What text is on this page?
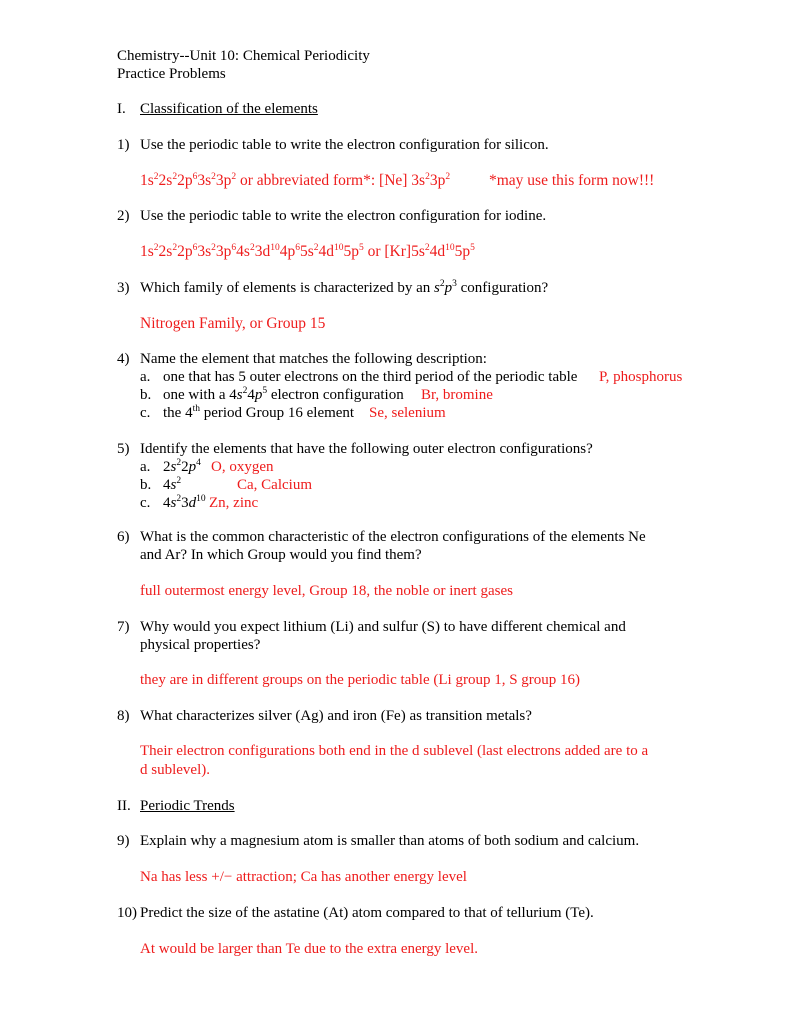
Chemistry--Unit 10: Chemical Periodicity
Practice Problems
I. Classification of the elements
1) Use the periodic table to write the electron configuration for silicon.
$1s^22s^22p^63s^23p^2$ or abbreviated form*: [Ne] $3s^23p^2$	*may use this form now!!!
2) Use the periodic table to write the electron configuration for iodine.
$1s^22s^22p^63s^23p^64s^23d^{10}4p^65s^24d^{10}5p^5$ or $[Kr]5s^24d^{10}5p^5$
3) Which family of elements is characterized by an $s^2p^3$ configuration?
Nitrogen Family, or Group 15
4) Name the element that matches the following description:
a. one that has 5 outer electrons on the third period of the periodic table P, phosphorus
b. one with a $4s^24p^5$ electron configuration Br, bromine
c. the 4th period Group 16 element Se, selenium
5) Identify the elements that have the following outer electron configurations?
a. $2s^22p^4$ O, oxygen
b. $4s^2$	Ca, Calcium
c. $4s^23d^{10}$ Zn, zinc
6) What is the common characteristic of the electron configurations of the elements Ne
and Ar? In which Group would you find them?
full outermost energy level, Group 18, the noble or inert gases
7) Why would you expect lithium (Li) and sulfur (S) to have different chemical and
physical properties?
they are in different groups on the periodic table (Li group 1, S group 16)
8) What characterizes silver (Ag) and iron (Fe) as transition metals?
Their electron configurations both end in the d sublevel (last electrons added are to a
d sublevel).
II. Periodic Trends
9) Explain why a magnesium atom is smaller than atoms of both sodium and calcium.
Na has less +/− attraction; Ca has another energy level
10) Predict the size of the astatine (At) atom compared to that of tellurium (Te).
At would be larger than Te due to the extra energy level.
